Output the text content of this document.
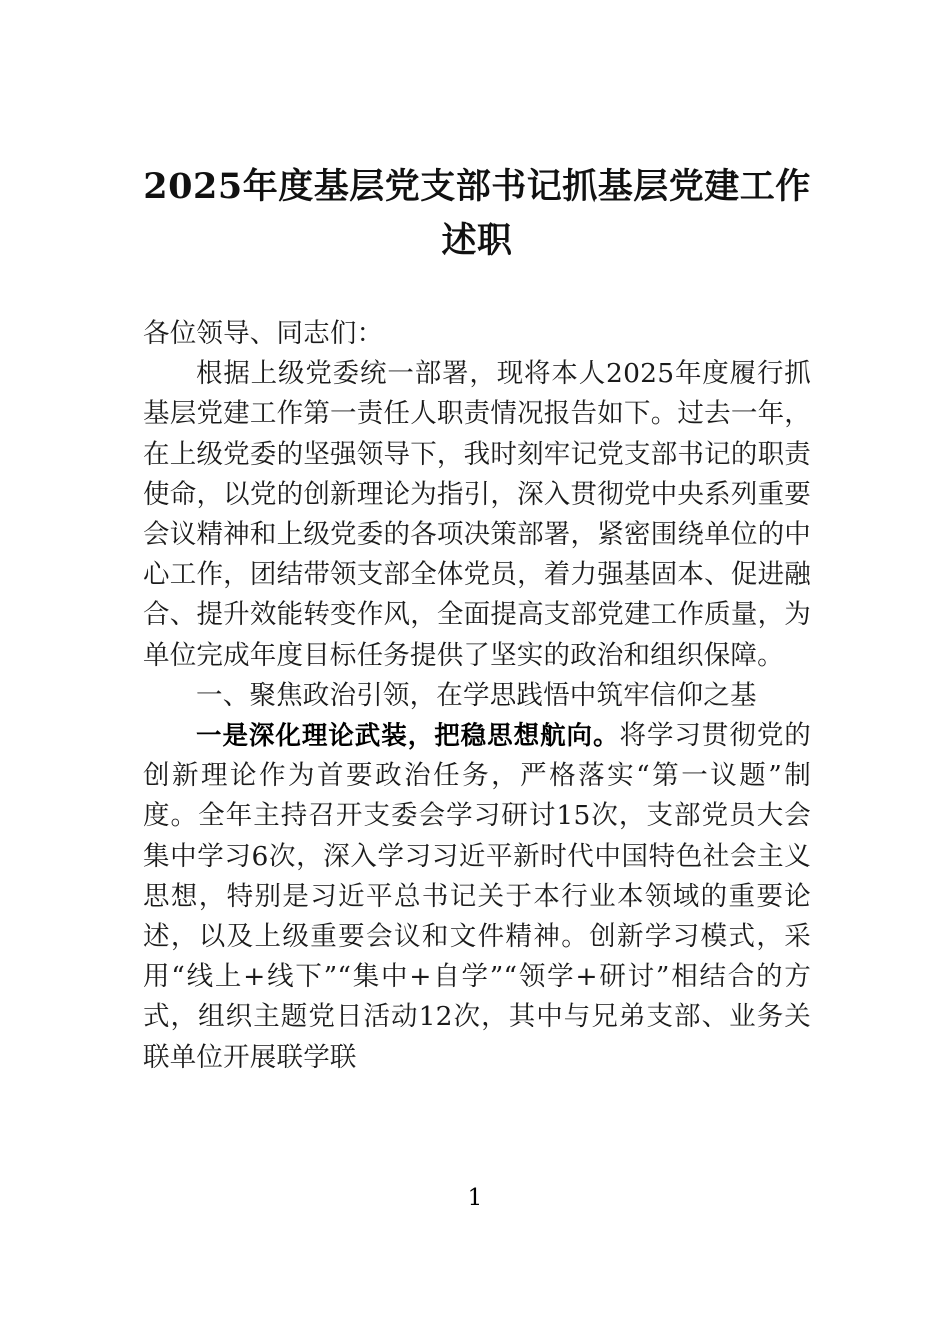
2025年度基层党支部书记抓基层党建工作
述职

各位领导、同志们：

根据上级党委统一部署，现将本人2025年度履行抓基层党建工作第一责任人职责情况报告如下。过去一年，在上级党委的坚强领导下，我时刻牢记党支部书记的职责使命，以党的创新理论为指引，深入贯彻党中央系列重要会议精神和上级党委的各项决策部署，紧密围绕单位的中心工作，团结带领支部全体党员，着力强基固本、促进融合、提升效能转变作风，全面提高支部党建工作质量，为单位完成年度目标任务提供了坚实的政治和组织保障。

一、聚焦政治引领，在学思践悟中筑牢信仰之基

一是深化理论武装，把稳思想航向。将学习贯彻党的创新理论作为首要政治任务，严格落实“第一议题”制度。全年主持召开支委会学习研讨15次，支部党员大会集中学习6次，深入学习习近平新时代中国特色社会主义思想，特别是习近平总书记关于本行业本领域的重要论述，以及上级重要会议和文件精神。创新学习模式，采用“线上+线下”“集中+自学”“领学+研讨”相结合的方式，组织主题党日活动12次，其中与兄弟支部、业务关联单位开展联学联

1
